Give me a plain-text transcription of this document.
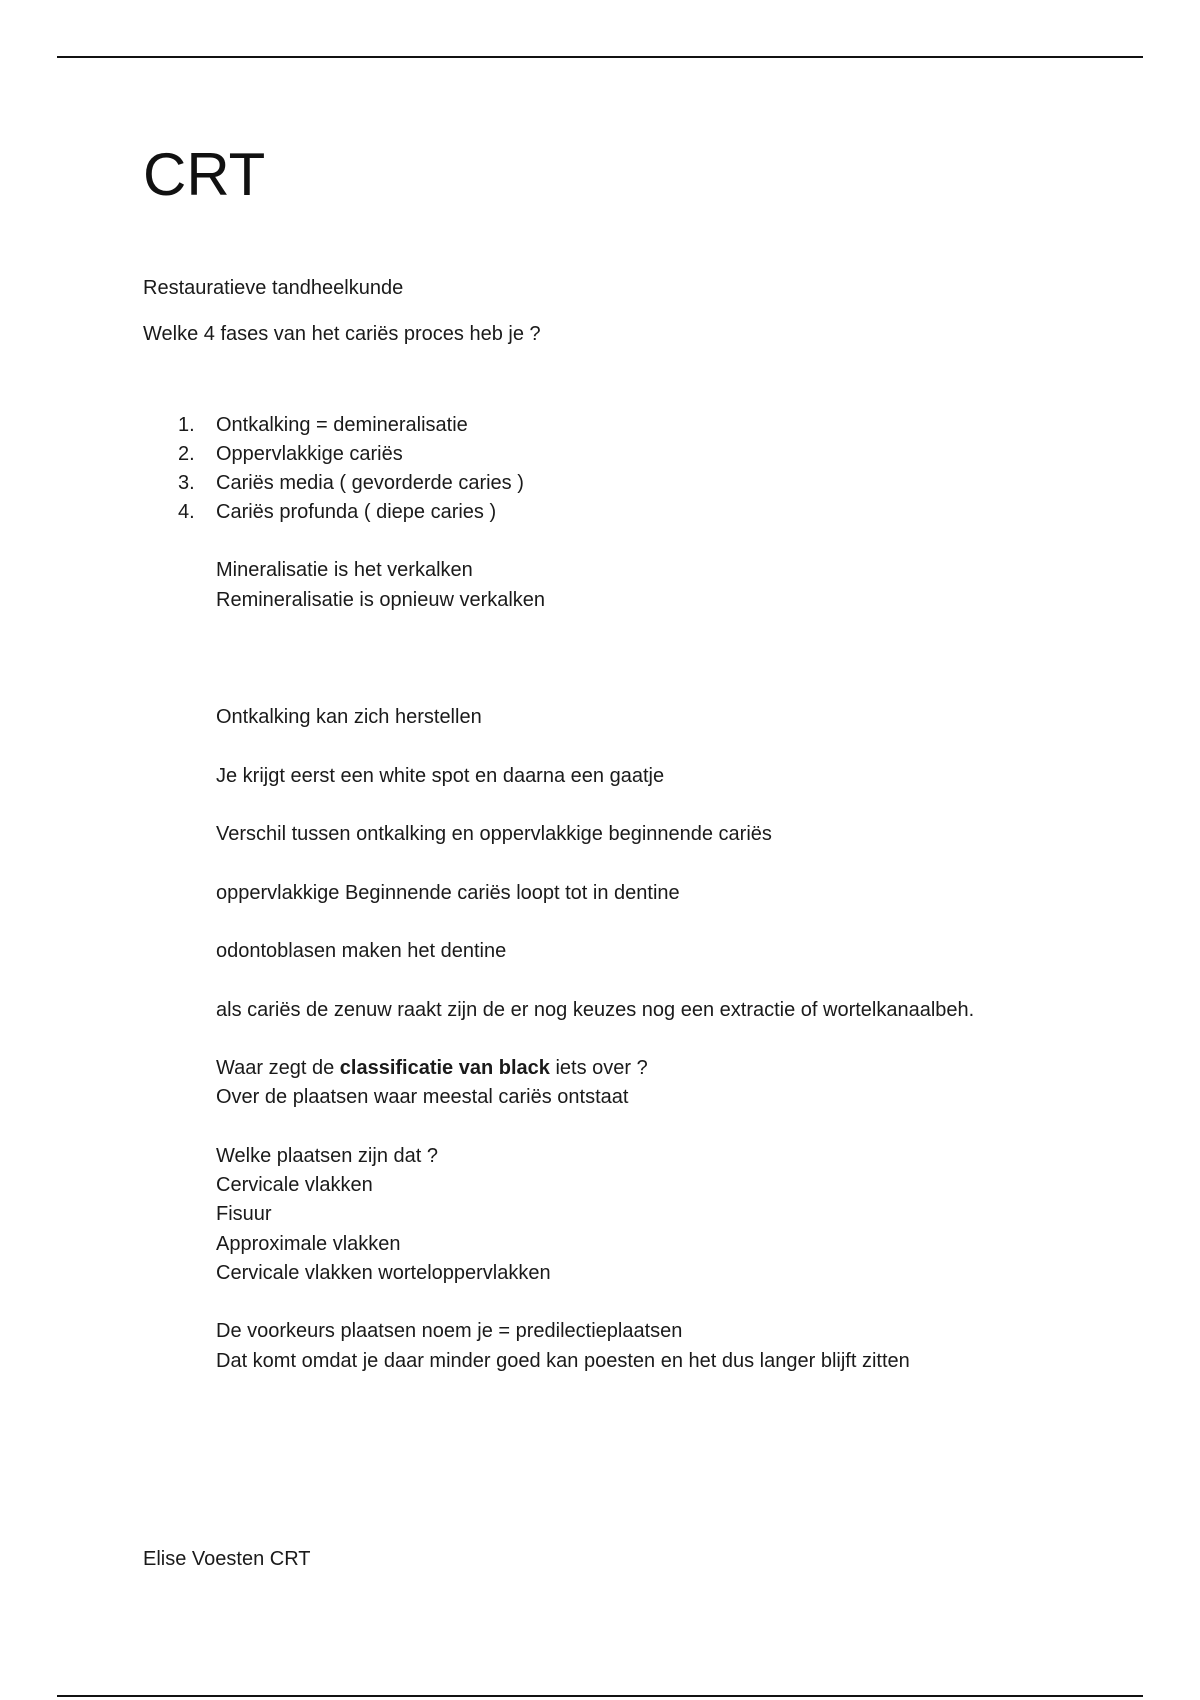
CRT
Restauratieve tandheelkunde
Welke 4 fases van het cariës proces heb je ?
1. Ontkalking = demineralisatie
2. Oppervlakkige cariës
3. Cariës media ( gevorderde caries )
4. Cariës profunda ( diepe caries )
Mineralisatie is het verkalken
Remineralisatie is opnieuw verkalken
Ontkalking kan zich herstellen
Je krijgt eerst een white spot en daarna een gaatje
Verschil tussen ontkalking en oppervlakkige beginnende cariës
oppervlakkige Beginnende cariës loopt tot in dentine
odontoblasen maken het dentine
als cariës de zenuw raakt zijn de er nog keuzes nog een extractie of wortelkanaalbeh.
Waar zegt de classificatie van black iets over ?
Over de plaatsen waar meestal cariës ontstaat
Welke plaatsen zijn dat ?
Cervicale vlakken
Fisuur
Approximale vlakken
Cervicale vlakken worteloppervlakken
De voorkeurs plaatsen noem je = predilectieplaatsen
Dat komt omdat je daar minder goed kan poesten en het dus langer blijft zitten
Elise Voesten CRT
